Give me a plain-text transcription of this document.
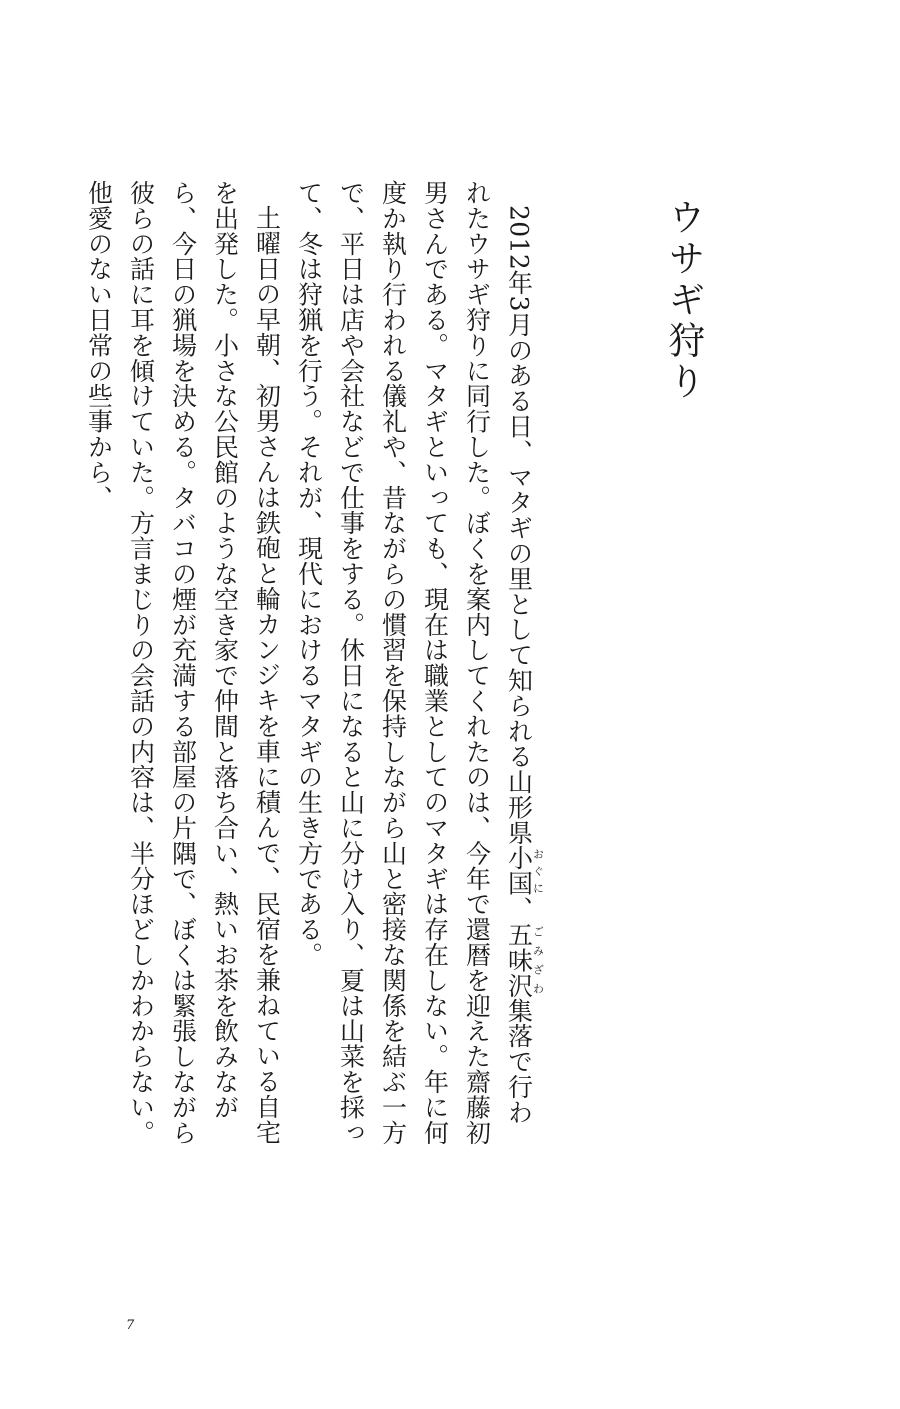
ウサギ狩り

2012年3月のある日、マタギの里として知られる山形県小国おぐに、五味沢ごみざわ集落で行われたウサギ狩りに同行した。ぼくを案内してくれたのは、今年で還暦を迎えた齋藤初男さんである。マタギといっても、現在は職業としてのマタギは存在しない。年に何度か執り行われる儀礼や、昔ながらの慣習を保持しながら山と密接な関係を結ぶ一方で、平日は店や会社などで仕事をする。休日になると山に分け入り、夏は山菜を採って、冬は狩猟を行う。それが、現代におけるマタギの生き方である。

土曜日の早朝、初男さんは鉄砲と輪カンジキを車に積んで、民宿を兼ねている自宅を出発した。小さな公民館のような空き家で仲間と落ち合い、熱いお茶を飲みながら、今日の猟場を決める。タバコの煙が充満する部屋の片隅で、ぼくは緊張しながら彼らの話に耳を傾けていた。方言まじりの会話の内容は、半分ほどしかわからない。他愛のない日常の些事から、

7
